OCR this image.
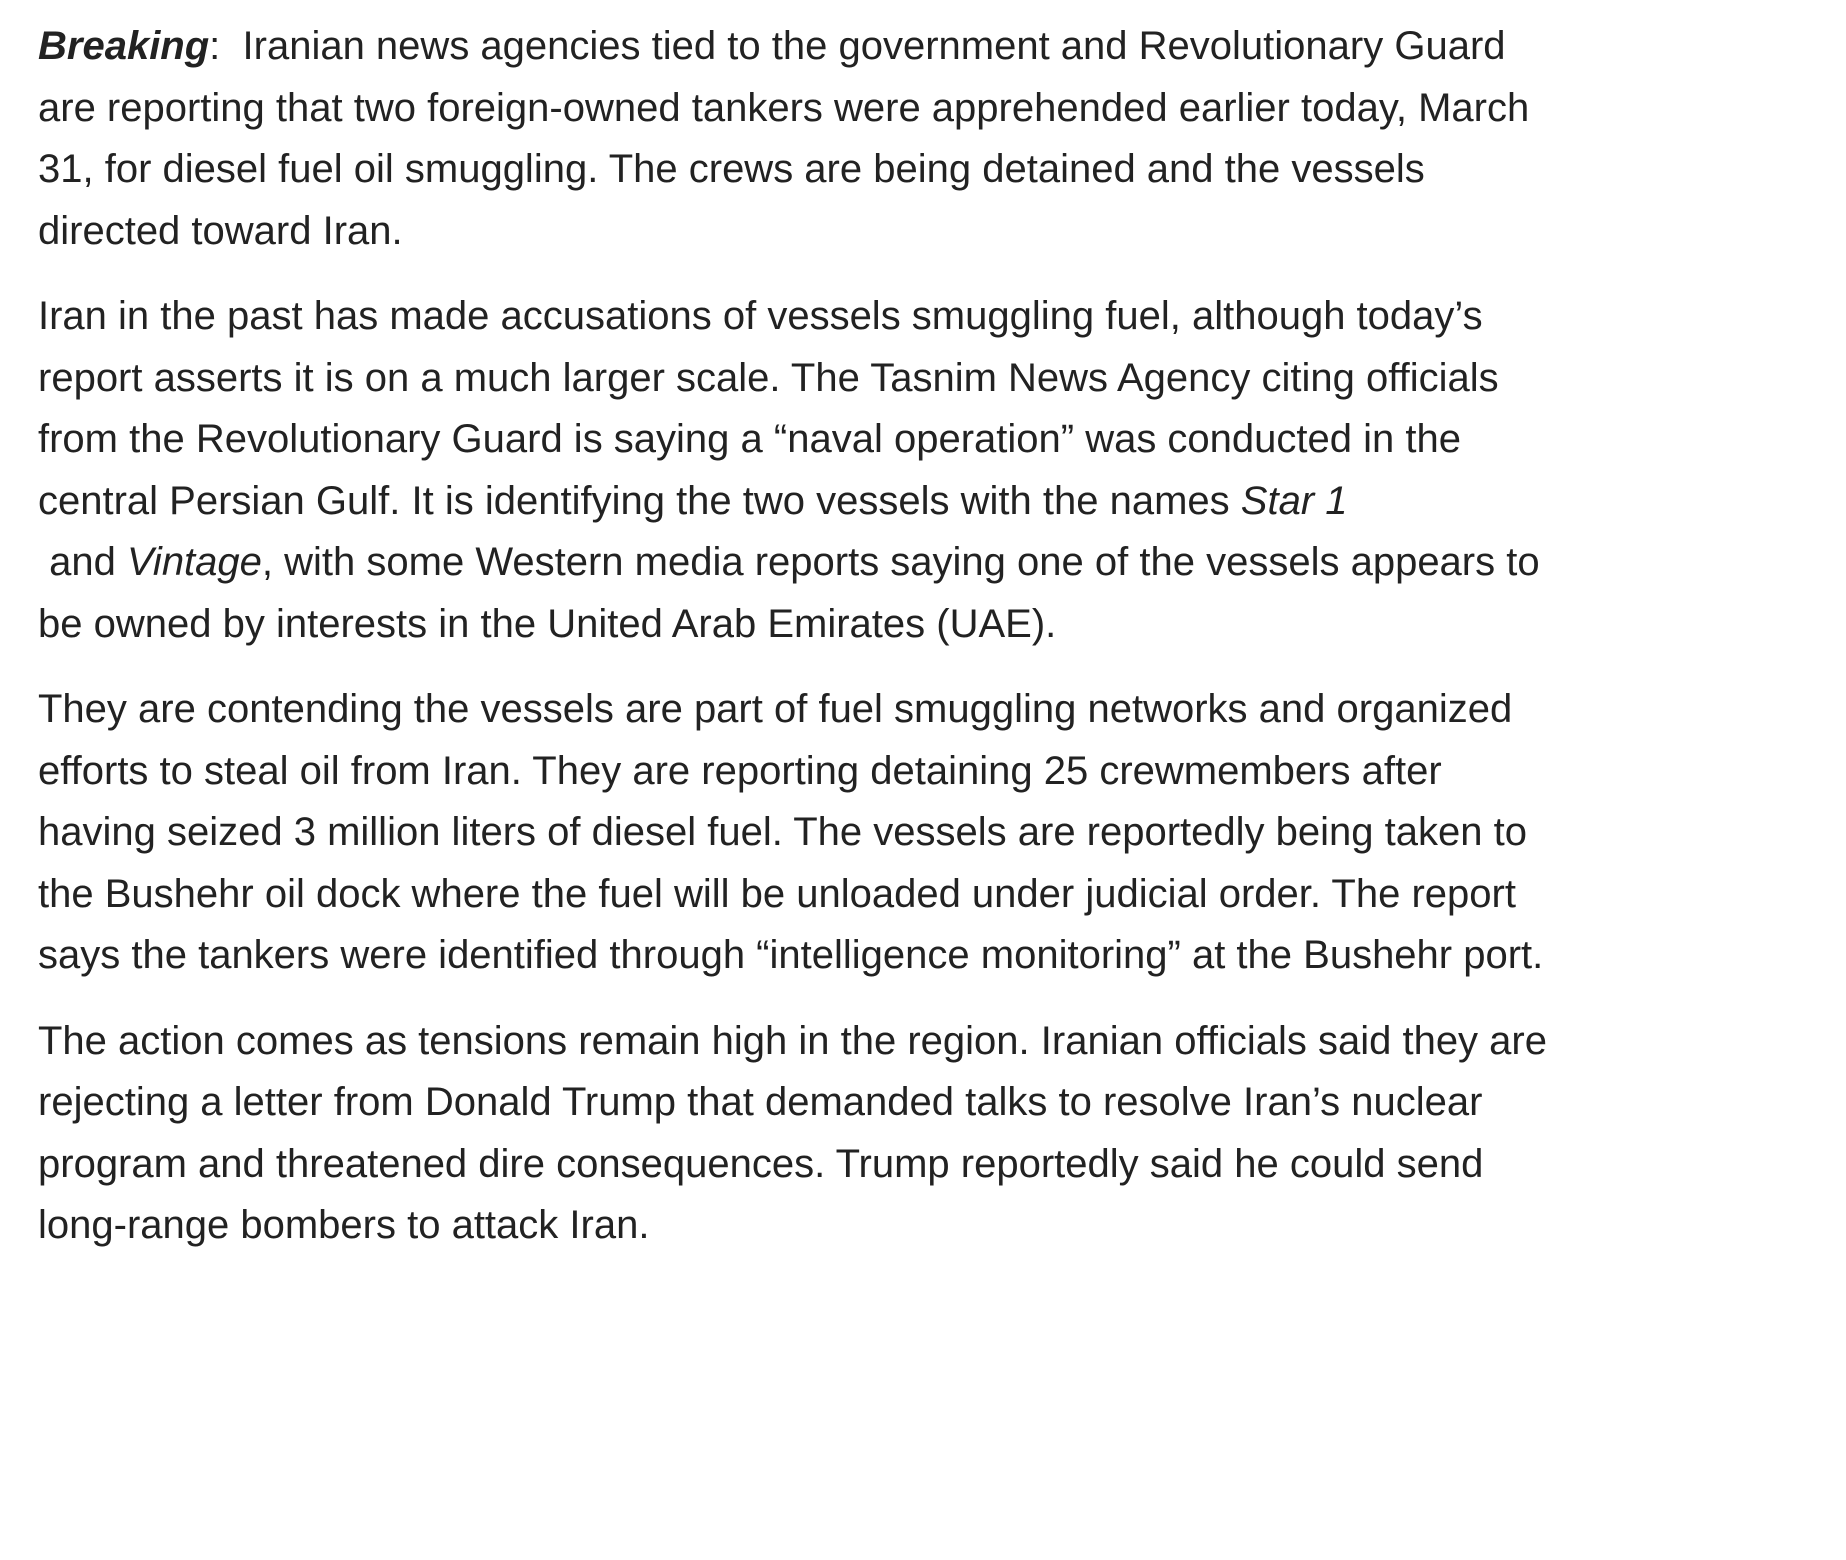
Breaking:  Iranian news agencies tied to the government and Revolutionary Guard are reporting that two foreign-owned tankers were apprehended earlier today, March 31, for diesel fuel oil smuggling. The crews are being detained and the vessels directed toward Iran.

Iran in the past has made accusations of vessels smuggling fuel, although today’s report asserts it is on a much larger scale. The Tasnim News Agency citing officials from the Revolutionary Guard is saying a “naval operation” was conducted in the central Persian Gulf. It is identifying the two vessels with the names Star 1 and Vintage, with some Western media reports saying one of the vessels appears to be owned by interests in the United Arab Emirates (UAE).

They are contending the vessels are part of fuel smuggling networks and organized efforts to steal oil from Iran. They are reporting detaining 25 crewmembers after having seized 3 million liters of diesel fuel. The vessels are reportedly being taken to the Bushehr oil dock where the fuel will be unloaded under judicial order. The report says the tankers were identified through “intelligence monitoring” at the Bushehr port.

The action comes as tensions remain high in the region. Iranian officials said they are rejecting a letter from Donald Trump that demanded talks to resolve Iran’s nuclear program and threatened dire consequences. Trump reportedly said he could send long-range bombers to attack Iran.
